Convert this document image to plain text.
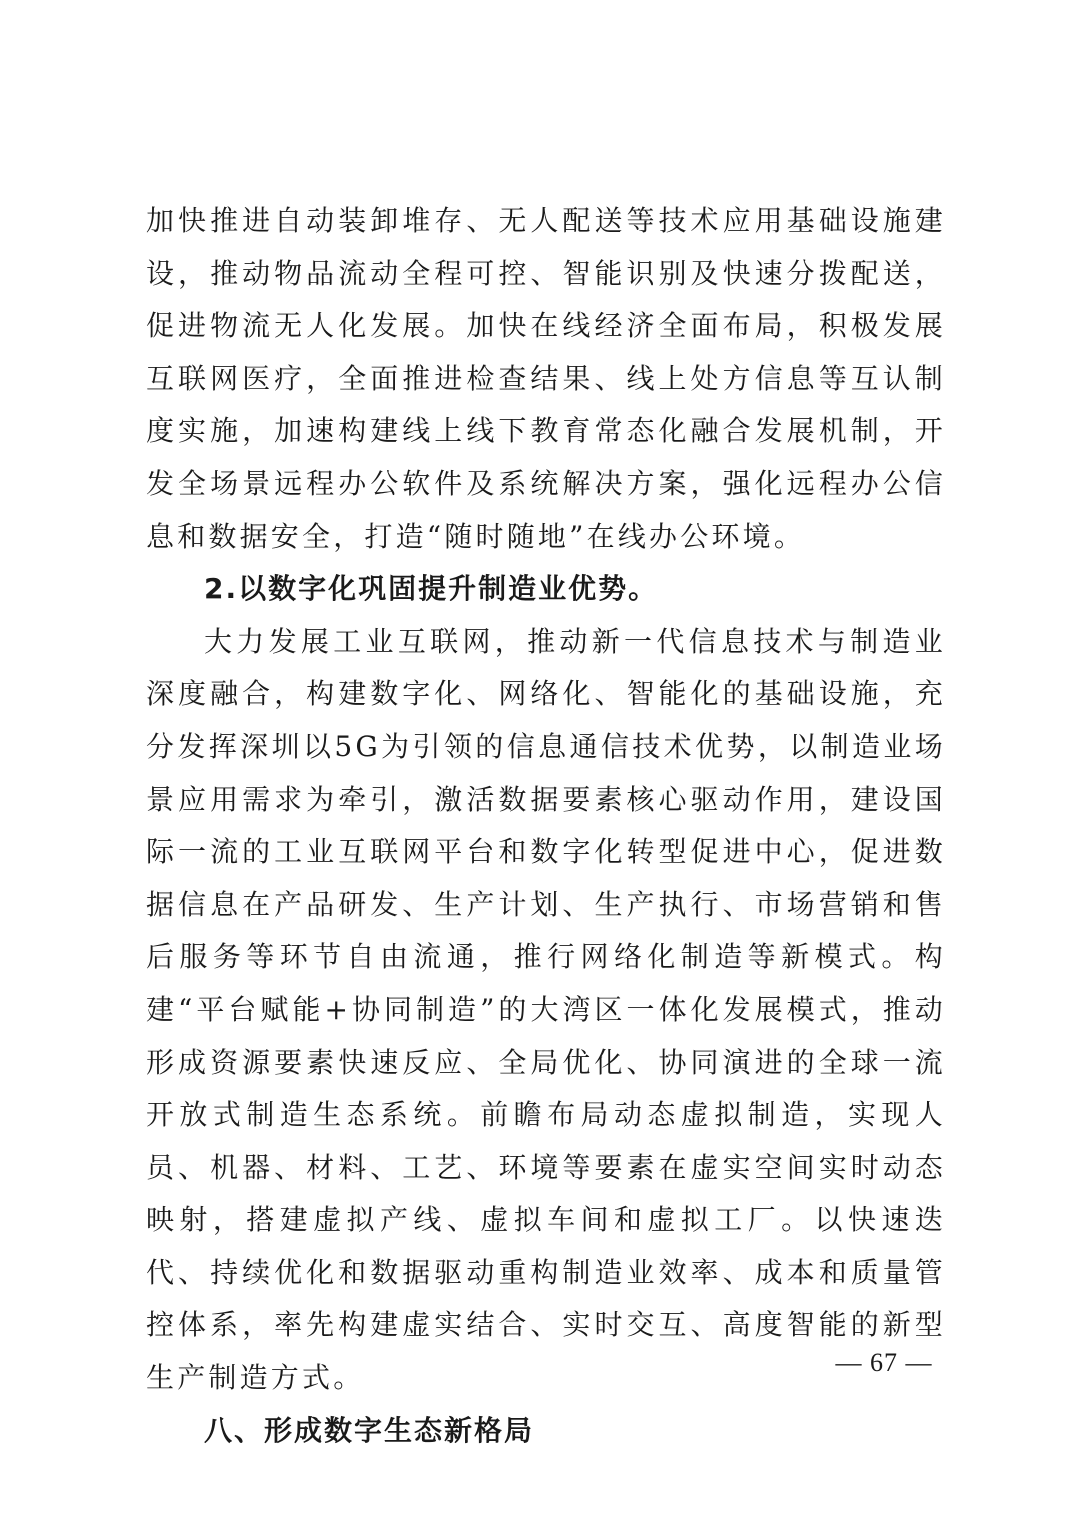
加快推进自动装卸堆存、无人配送等技术应用基础设施建设，推动物品流动全程可控、智能识别及快速分拨配送，促进物流无人化发展。加快在线经济全面布局，积极发展互联网医疗，全面推进检查结果、线上处方信息等互认制度实施，加速构建线上线下教育常态化融合发展机制，开发全场景远程办公软件及系统解决方案，强化远程办公信息和数据安全，打造“随时随地”在线办公环境。

2.以数字化巩固提升制造业优势。

大力发展工业互联网，推动新一代信息技术与制造业深度融合，构建数字化、网络化、智能化的基础设施，充分发挥深圳以5G为引领的信息通信技术优势，以制造业场景应用需求为牵引，激活数据要素核心驱动作用，建设国际一流的工业互联网平台和数字化转型促进中心，促进数据信息在产品研发、生产计划、生产执行、市场营销和售后服务等环节自由流通，推行网络化制造等新模式。构建“平台赋能+协同制造”的大湾区一体化发展模式，推动形成资源要素快速反应、全局优化、协同演进的全球一流开放式制造生态系统。前瞻布局动态虚拟制造，实现人员、机器、材料、工艺、环境等要素在虚实空间实时动态映射，搭建虚拟产线、虚拟车间和虚拟工厂。以快速迭代、持续优化和数据驱动重构制造业效率、成本和质量管控体系，率先构建虚实结合、实时交互、高度智能的新型生产制造方式。

八、形成数字生态新格局

— 67 —
